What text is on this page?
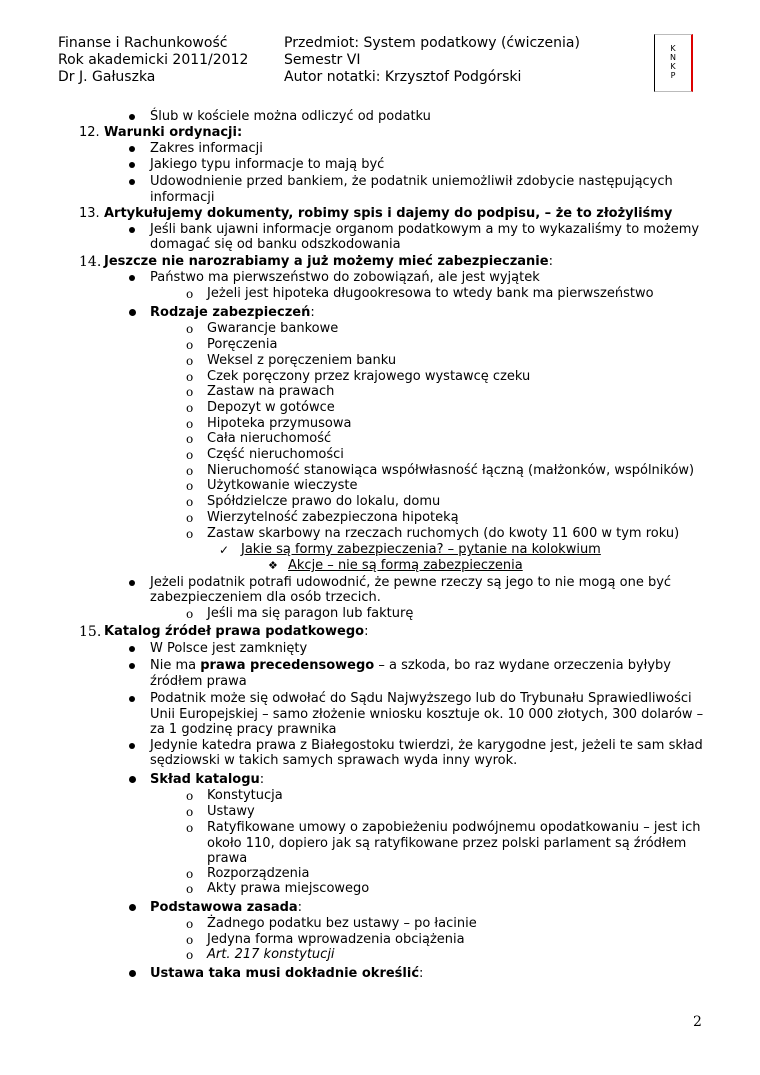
Finanse i Rachunkowość
Rok akademicki 2011/2012
Dr J. Gałuszka
Przedmiot: System podatkowy (ćwiczenia)
Semestr VI
Autor notatki: Krzysztof Podgórski
K
N
K
P
Ślub w kościele można odliczyć od podatku
12. Warunki ordynacji:
Zakres informacji
Jakiego typu informacje to mają być
Udowodnienie przed bankiem, że podatnik uniemożliwił zdobycie następujących
informacji
13. Artykułujemy dokumenty, robimy spis i dajemy do podpisu, – że to złożyliśmy
Jeśli bank ujawni informacje organom podatkowym a my to wykazaliśmy to możemy
domagać się od banku odszkodowania
14. Jeszcze nie narozrabiamy a już możemy mieć zabezpieczanie:
Państwo ma pierwszeństwo do zobowiązań, ale jest wyjątek
o Jeżeli jest hipoteka długookresowa to wtedy bank ma pierwszeństwo
Rodzaje zabezpieczeń:
o Gwarancje bankowe
o Poręczenia
o Weksel z poręczeniem banku
o Czek poręczony przez krajowego wystawcę czeku
o Zastaw na prawach
o Depozyt w gotówce
o Hipoteka przymusowa
o Cała nieruchomość
o Część nieruchomości
o Nieruchomość stanowiąca współwłasność łączną (małżonków, wspólników)
o Użytkowanie wieczyste
o Spółdzielcze prawo do lokalu, domu
o Wierzytelność zabezpieczona hipoteką
o Zastaw skarbowy na rzeczach ruchomych (do kwoty 11 600 w tym roku)
✓ Jakie są formy zabezpieczenia? – pytanie na kolokwium
❖ Akcje – nie są formą zabezpieczenia
Jeżeli podatnik potrafi udowodnić, że pewne rzeczy są jego to nie mogą one być
zabezpieczeniem dla osób trzecich.
o Jeśli ma się paragon lub fakturę
15. Katalog źródeł prawa podatkowego:
W Polsce jest zamknięty
Nie ma prawa precedensowego – a szkoda, bo raz wydane orzeczenia byłyby
źródłem prawa
Podatnik może się odwołać do Sądu Najwyższego lub do Trybunału Sprawiedliwości
Unii Europejskiej – samo złożenie wniosku kosztuje ok. 10 000 złotych, 300 dolarów –
za 1 godzinę pracy prawnika
Jedynie katedra prawa z Białegostoku twierdzi, że karygodne jest, jeżeli te sam skład
sędziowski w takich samych sprawach wyda inny wyrok.
Skład katalogu:
o Konstytucja
o Ustawy
o Ratyfikowane umowy o zapobieżeniu podwójnemu opodatkowaniu – jest ich
około 110, dopiero jak są ratyfikowane przez polski parlament są źródłem
prawa
o Rozporządzenia
o Akty prawa miejscowego
Podstawowa zasada:
o Żadnego podatku bez ustawy – po łacinie
o Jedyna forma wprowadzenia obciążenia
o Art. 217 konstytucji
Ustawa taka musi dokładnie określić:
2
